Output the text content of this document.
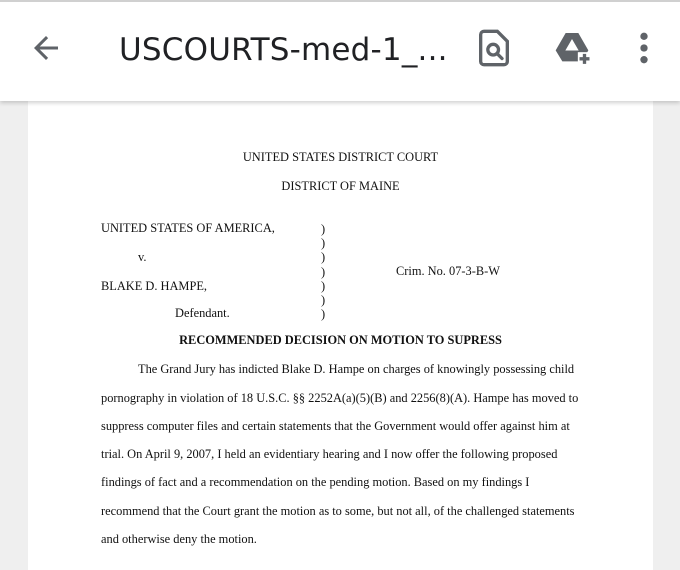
USCOURTS-med-1_...
UNITED STATES DISTRICT COURT
DISTRICT OF MAINE
UNITED STATES OF AMERICA,
v.
BLAKE D. HAMPE,
Defendant.
)
)
)
)
)
)
)
Crim. No. 07-3-B-W
RECOMMENDED DECISION ON MOTION TO SUPRESS
The Grand Jury has indicted Blake D. Hampe on charges of knowingly possessing child
pornography in violation of 18 U.S.C. §§ 2252A(a)(5)(B) and 2256(8)(A). Hampe has moved to
suppress computer files and certain statements that the Government would offer against him at
trial. On April 9, 2007, I held an evidentiary hearing and I now offer the following proposed
findings of fact and a recommendation on the pending motion. Based on my findings I
recommend that the Court grant the motion as to some, but not all, of the challenged statements
and otherwise deny the motion.
